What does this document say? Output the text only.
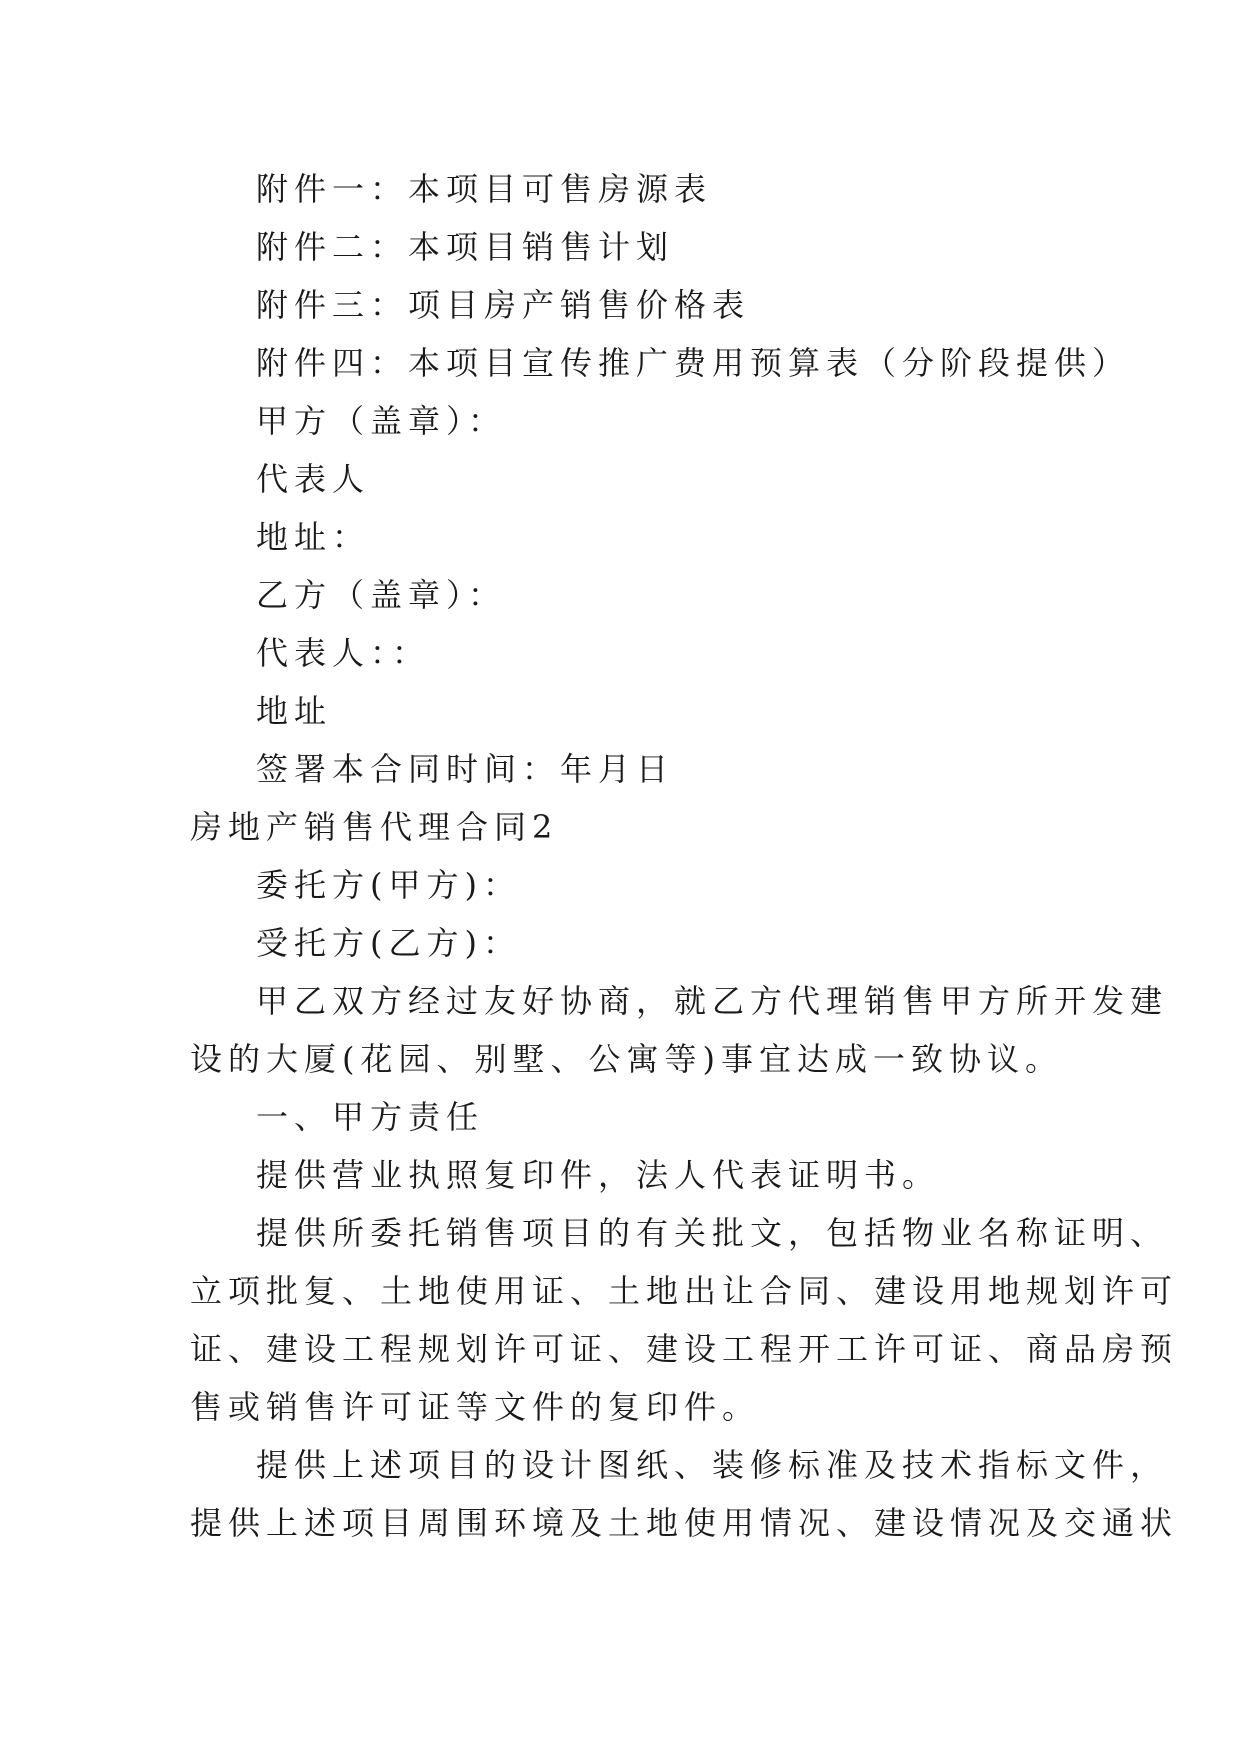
附件一：本项目可售房源表
附件二：本项目销售计划
附件三：项目房产销售价格表
附件四：本项目宣传推广费用预算表（分阶段提供）
甲方（盖章）：
代表人
地址：
乙方（盖章）：
代表人：：
地址
签署本合同时间：年月日
房地产销售代理合同2
委托方(甲方)：
受托方(乙方)：
甲乙双方经过友好协商，就乙方代理销售甲方所开发建
设的大厦(花园、别墅、公寓等)事宜达成一致协议。
一、甲方责任
提供营业执照复印件，法人代表证明书。
提供所委托销售项目的有关批文，包括物业名称证明、
立项批复、土地使用证、土地出让合同、建设用地规划许可
证、建设工程规划许可证、建设工程开工许可证、商品房预
售或销售许可证等文件的复印件。
提供上述项目的设计图纸、装修标准及技术指标文件，
提供上述项目周围环境及土地使用情况、建设情况及交通状
